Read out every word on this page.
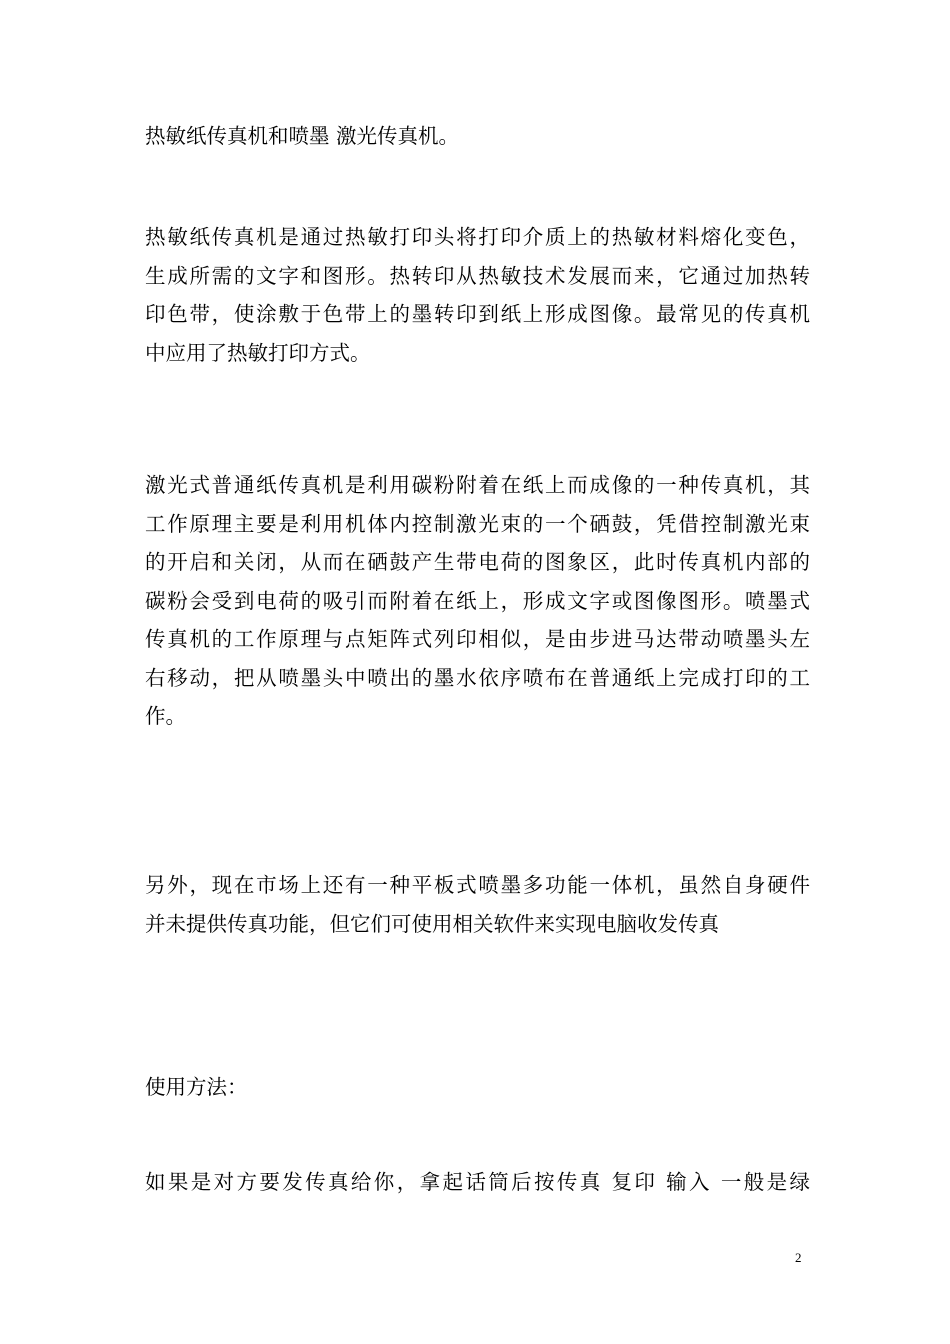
热敏纸传真机和喷墨 激光传真机。

热敏纸传真机是通过热敏打印头将打印介质上的热敏材料熔化变色，
生成所需的文字和图形。热转印从热敏技术发展而来，它通过加热转
印色带，使涂敷于色带上的墨转印到纸上形成图像。最常见的传真机
中应用了热敏打印方式。

激光式普通纸传真机是利用碳粉附着在纸上而成像的一种传真机，其
工作原理主要是利用机体内控制激光束的一个硒鼓，凭借控制激光束
的开启和关闭，从而在硒鼓产生带电荷的图象区，此时传真机内部的
碳粉会受到电荷的吸引而附着在纸上，形成文字或图像图形。喷墨式
传真机的工作原理与点矩阵式列印相似，是由步进马达带动喷墨头左
右移动，把从喷墨头中喷出的墨水依序喷布在普通纸上完成打印的工
作。

另外，现在市场上还有一种平板式喷墨多功能一体机，虽然自身硬件
并未提供传真功能，但它们可使用相关软件来实现电脑收发传真

使用方法：

如果是对方要发传真给你，拿起话筒后按传真 复印 输入 一般是绿

2
